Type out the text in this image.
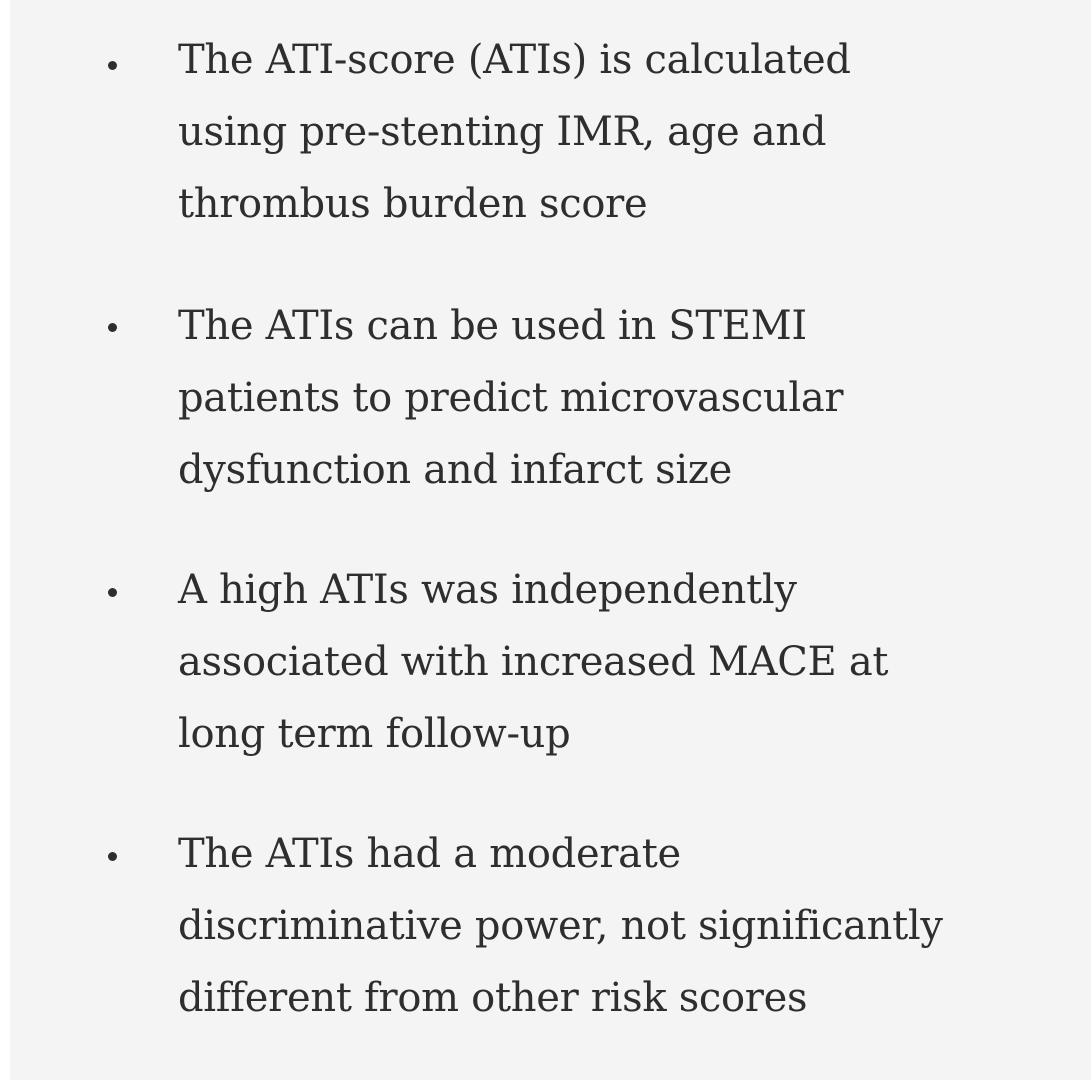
The ATI-score (ATIs) is calculated
using pre-stenting IMR, age and
thrombus burden score

The ATIs can be used in STEMI
patients to predict microvascular
dysfunction and infarct size

A high ATIs was independently
associated with increased MACE at
long term follow-up

The ATIs had a moderate
discriminative power, not significantly
different from other risk scores
